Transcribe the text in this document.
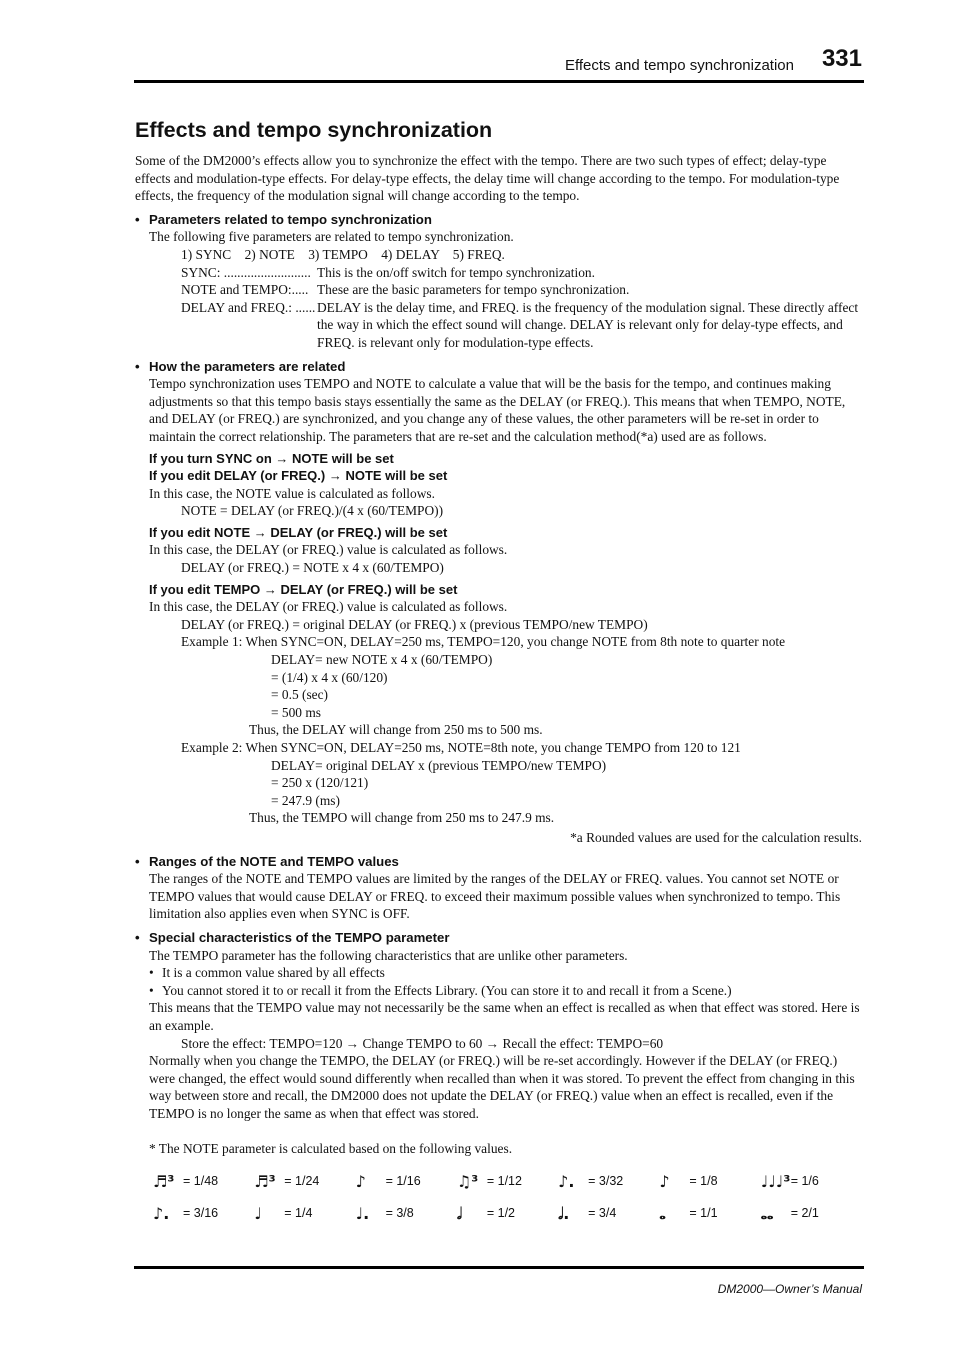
Effects and tempo synchronization 331
Effects and tempo synchronization

Some of the DM2000’s effects allow you to synchronize the effect with the tempo. There are two such types of effect; delay-type effects and modulation-type effects. For delay-type effects, the delay time will change according to the tempo. For modulation-type effects, the frequency of the modulation signal will change according to the tempo.

• Parameters related to tempo synchronization

The following five parameters are related to tempo synchronization.

1) SYNC    2) NOTE    3) TEMPO    4) DELAY    5) FREQ.

SYNC: .......................... This is the on/off switch for tempo synchronization.
NOTE and TEMPO:..... These are the basic parameters for tempo synchronization.
DELAY and FREQ.: ...... DELAY is the delay time, and FREQ. is the frequency of the modulation signal. These directly affect the way in which the effect sound will change. DELAY is relevant only for delay-type effects, and FREQ. is relevant only for modulation-type effects.
• How the parameters are related

Tempo synchronization uses TEMPO and NOTE to calculate a value that will be the basis for the tempo, and continues making adjustments so that this tempo basis stays essentially the same as the DELAY (or FREQ.). This means that when TEMPO, NOTE, and DELAY (or FREQ.) are synchronized, and you change any of these values, the other parameters will be re-set in order to maintain the correct relationship. The parameters that are re-set and the calculation method(*a) used are as follows.

If you turn SYNC on → NOTE will be set
If you edit DELAY (or FREQ.) → NOTE will be set

In this case, the NOTE value is calculated as follows.

NOTE = DELAY (or FREQ.)/(4 x (60/TEMPO))

If you edit NOTE → DELAY (or FREQ.) will be set

In this case, the DELAY (or FREQ.) value is calculated as follows.

DELAY (or FREQ.) = NOTE x 4 x (60/TEMPO)

If you edit TEMPO → DELAY (or FREQ.) will be set

In this case, the DELAY (or FREQ.) value is calculated as follows.

DELAY (or FREQ.) = original DELAY (or FREQ.) x (previous TEMPO/new TEMPO)

Example 1: When SYNC=ON, DELAY=250 ms, TEMPO=120, you change NOTE from 8th note to quarter note

DELAY= new NOTE x 4 x (60/TEMPO)

= (1/4) x 4 x (60/120)

= 0.5 (sec)

= 500 ms

Thus, the DELAY will change from 250 ms to 500 ms.

Example 2: When SYNC=ON, DELAY=250 ms, NOTE=8th note, you change TEMPO from 120 to 121

DELAY= original DELAY x (previous TEMPO/new TEMPO)

= 250 x (120/121)

= 247.9 (ms)

Thus, the TEMPO will change from 250 ms to 247.9 ms.

*a Rounded values are used for the calculation results.

• Ranges of the NOTE and TEMPO values

The ranges of the NOTE and TEMPO values are limited by the ranges of the DELAY or FREQ. values. You cannot set NOTE or TEMPO values that would cause DELAY or FREQ. to exceed their maximum possible values when synchronized to tempo. This limitation also applies even when SYNC is OFF.

• Special characteristics of the TEMPO parameter

The TEMPO parameter has the following characteristics that are unlike other parameters.

• It is a common value shared by all effects

• You cannot stored it to or recall it from the Effects Library. (You can store it to and recall it from a Scene.)

This means that the TEMPO value may not necessarily be the same when an effect is recalled as when that effect was stored. Here is an example.

Store the effect: TEMPO=120 → Change TEMPO to 60 → Recall the effect: TEMPO=60

Normally when you change the TEMPO, the DELAY (or FREQ.) will be re-set accordingly. However if the DELAY (or FREQ.) were changed, the effect would sound differently when recalled than when it was stored. To prevent the effect from changing in this way between store and recall, the DM2000 does not update the DELAY (or FREQ.) value when an effect is recalled, even if the TEMPO is no longer the same as when that effect was stored.

* The NOTE parameter is calculated based on the following values.

♬³ = 1/48 ♬³ = 1/24 ♪	= 1/16 ♫³ = 1/12 ♪.	= 3/32 ♪	= 1/8	♩♩♩³ = 1/6
♪.	= 3/16 ♩	= 1/4	♩.	= 3/8	𝅗𝅥	= 1/2	𝅗𝅥.	= 3/4	𝅝	= 1/1	𝅝𝅝	= 2/1
DM2000—Owner’s Manual
